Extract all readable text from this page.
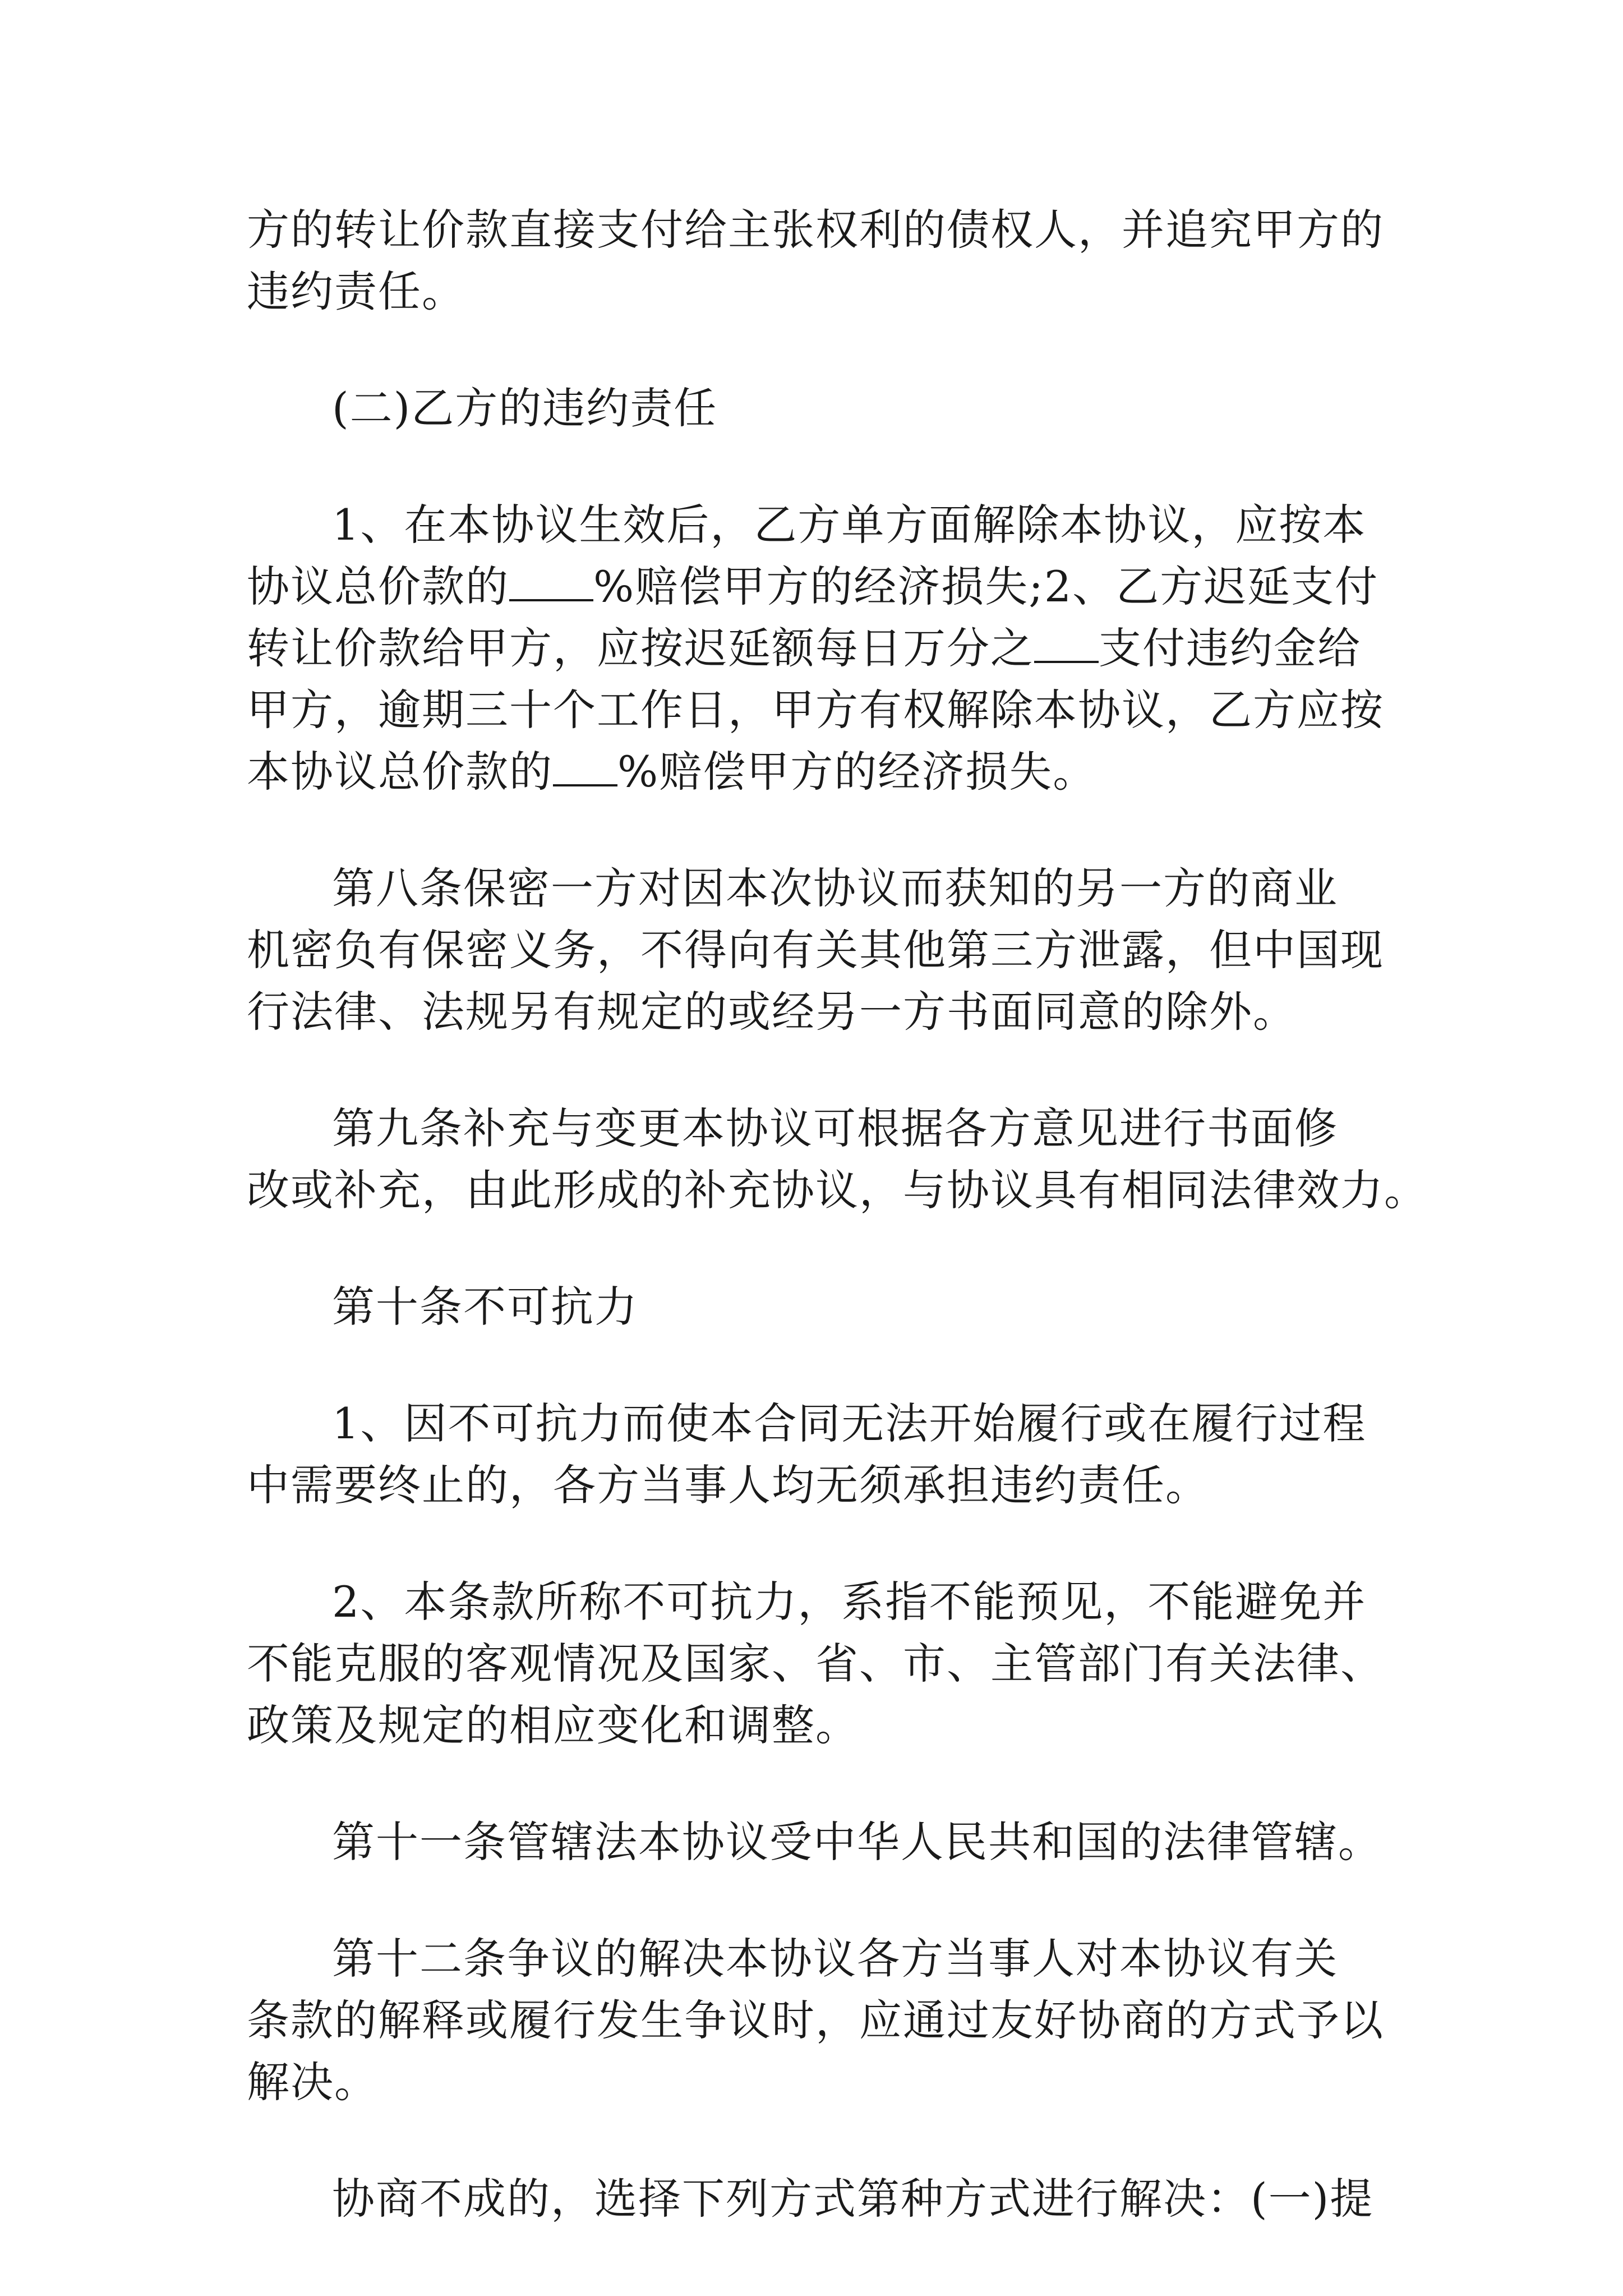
方的转让价款直接支付给主张权利的债权人，并追究甲方的
违约责任。
(二)乙方的违约责任
1、在本协议生效后，乙方单方面解除本协议，应按本
协议总价款的 %赔偿甲方的经济损失;2、乙方迟延支付
转让价款给甲方，应按迟延额每日万分之 支付违约金给
甲方，逾期三十个工作日，甲方有权解除本协议，乙方应按
本协议总价款的 %赔偿甲方的经济损失。
第八条保密一方对因本次协议而获知的另一方的商业
机密负有保密义务，不得向有关其他第三方泄露，但中国现
行法律、法规另有规定的或经另一方书面同意的除外。
第九条补充与变更本协议可根据各方意见进行书面修
改或补充，由此形成的补充协议，与协议具有相同法律效力。
第十条不可抗力
1、因不可抗力而使本合同无法开始履行或在履行过程
中需要终止的，各方当事人均无须承担违约责任。
2、本条款所称不可抗力，系指不能预见，不能避免并
不能克服的客观情况及国家、省、市、主管部门有关法律、
政策及规定的相应变化和调整。
第十一条管辖法本协议受中华人民共和国的法律管辖。
第十二条争议的解决本协议各方当事人对本协议有关
条款的解释或履行发生争议时，应通过友好协商的方式予以
解决。
协商不成的，选择下列方式第种方式进行解决：(一)提
